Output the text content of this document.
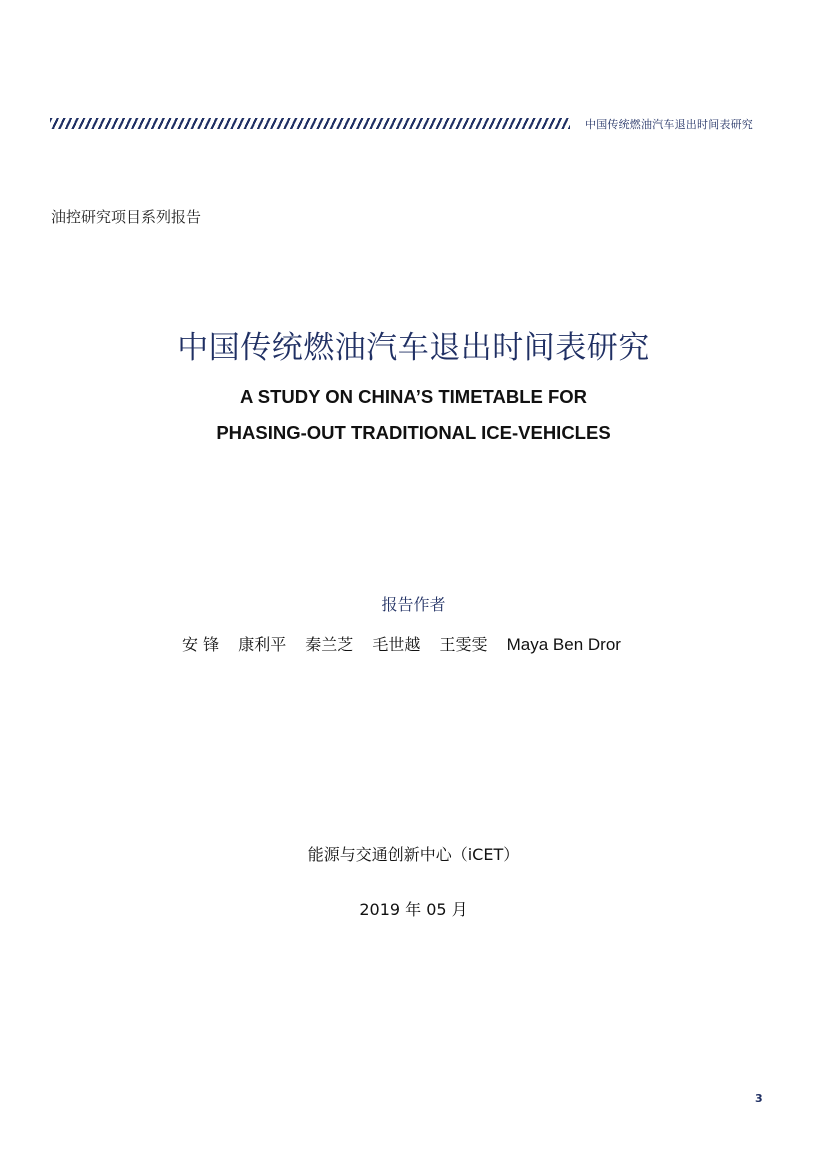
中国传统燃油汽车退出时间表研究
油控研究项目系列报告
中国传统燃油汽车退出时间表研究
A STUDY ON CHINA’S TIMETABLE FOR
PHASING-OUT TRADITIONAL ICE-VEHICLES
报告作者
安 锋 康利平 秦兰芝 毛世越 王雯雯 Maya Ben Dror
能源与交通创新中心（iCET）
2019 年 05 月
3
